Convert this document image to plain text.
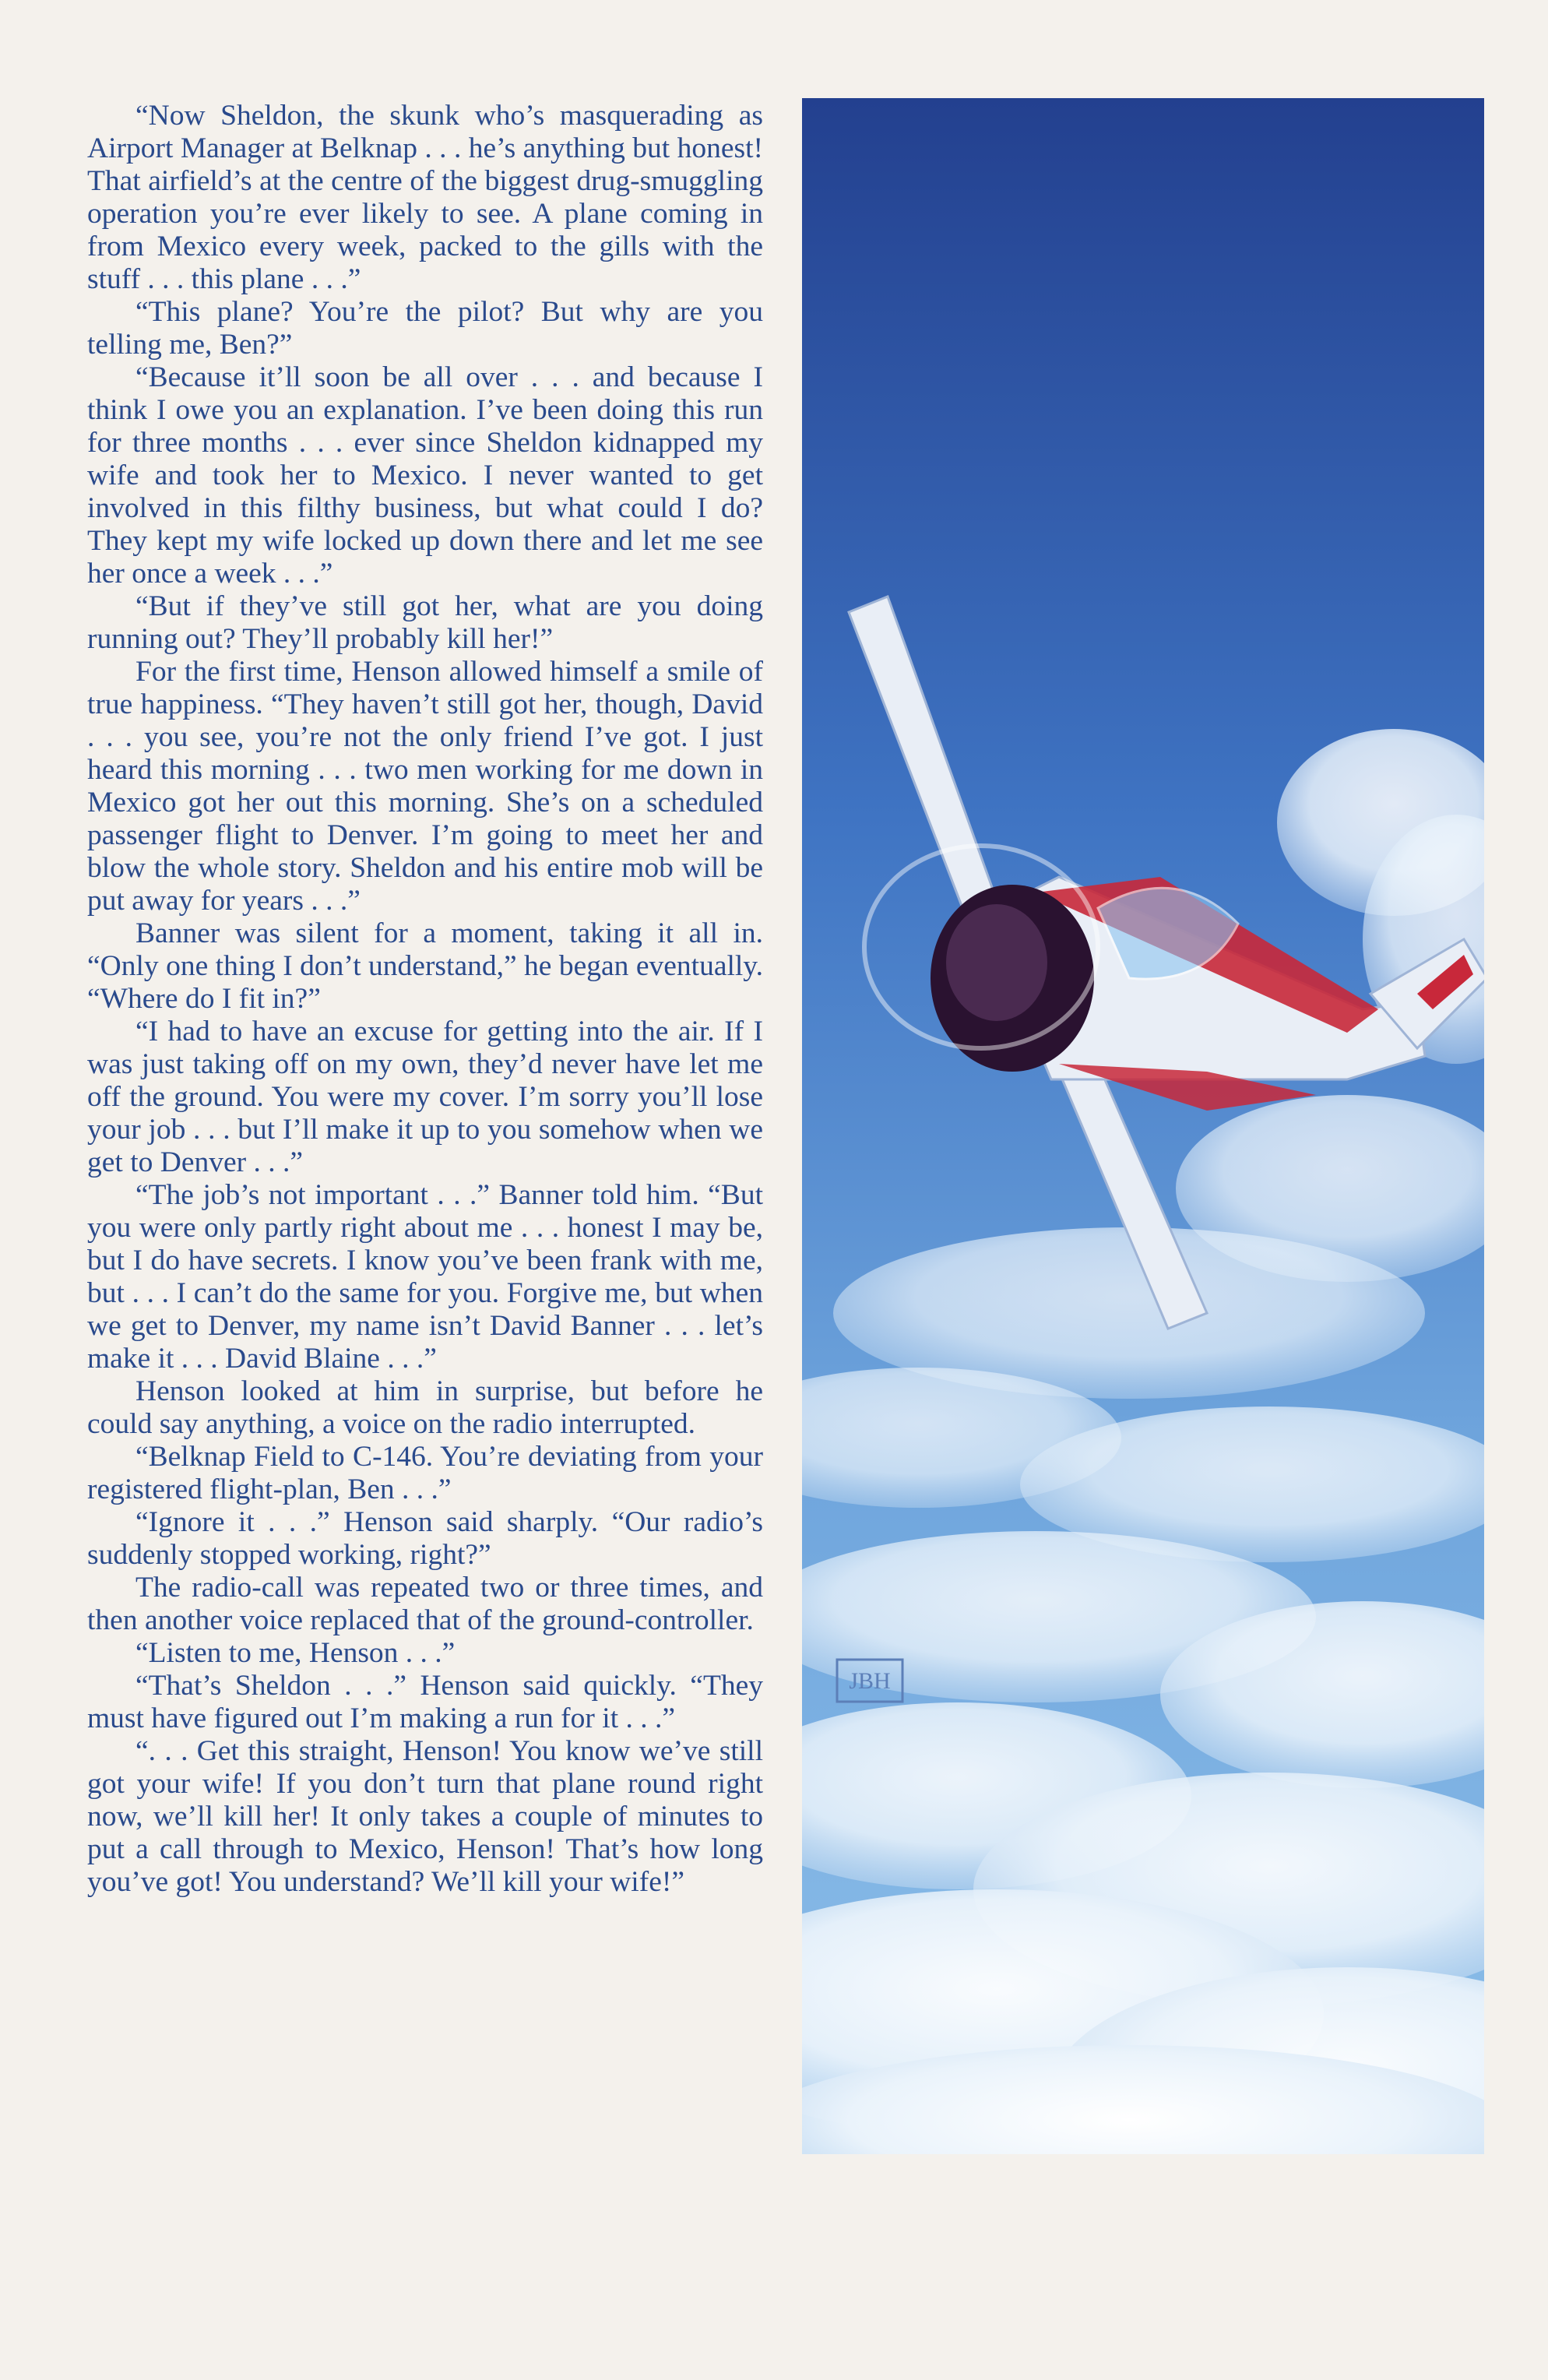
“Now Sheldon, the skunk who’s masquerading as Airport Manager at Belknap . . . he’s anything but honest! That airfield’s at the centre of the biggest drug-smuggling operation you’re ever likely to see. A plane coming in from Mexico every week, packed to the gills with the stuff . . . this plane . . .”

“This plane? You’re the pilot? But why are you telling me, Ben?”

“Because it’ll soon be all over . . . and because I think I owe you an explanation. I’ve been doing this run for three months . . . ever since Sheldon kidnapped my wife and took her to Mexico. I never wanted to get involved in this filthy business, but what could I do? They kept my wife locked up down there and let me see her once a week . . .”

“But if they’ve still got her, what are you doing running out? They’ll probably kill her!”

For the first time, Henson allowed himself a smile of true happiness. “They haven’t still got her, though, David . . . you see, you’re not the only friend I’ve got. I just heard this morning . . . two men working for me down in Mexico got her out this morning. She’s on a scheduled passenger flight to Denver. I’m going to meet her and blow the whole story. Sheldon and his entire mob will be put away for years . . .”

Banner was silent for a moment, taking it all in. “Only one thing I don’t understand,” he began eventually. “Where do I fit in?”

“I had to have an excuse for getting into the air. If I was just taking off on my own, they’d never have let me off the ground. You were my cover. I’m sorry you’ll lose your job . . . but I’ll make it up to you somehow when we get to Denver . . .”

“The job’s not important . . .” Banner told him. “But you were only partly right about me . . . honest I may be, but I do have secrets. I know you’ve been frank with me, but . . . I can’t do the same for you. Forgive me, but when we get to Denver, my name isn’t David Banner . . . let’s make it . . . David Blaine . . .”

Henson looked at him in surprise, but before he could say anything, a voice on the radio interrupted.

“Belknap Field to C-146. You’re deviating from your registered flight-plan, Ben . . .”

“Ignore it . . .” Henson said sharply. “Our radio’s suddenly stopped working, right?”

The radio-call was repeated two or three times, and then another voice replaced that of the ground-controller.

“Listen to me, Henson . . .”

“That’s Sheldon . . .” Henson said quickly. “They must have figured out I’m making a run for it . . .”

“. . . Get this straight, Henson! You know we’ve still got your wife! If you don’t turn that plane round right now, we’ll kill her! It only takes a couple of minutes to put a call through to Mexico, Henson! That’s how long you’ve got! You understand? We’ll kill your wife!”

JBH
